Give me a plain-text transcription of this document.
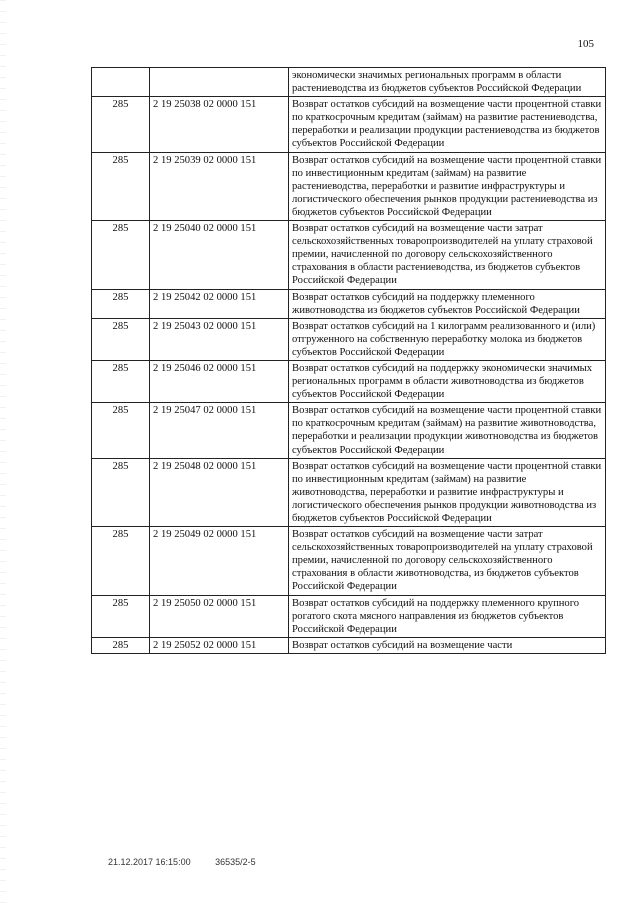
105
		экономически значимых региональных программ в области растениеводства из бюджетов субъектов Российской Федерации
285	2 19 25038 02 0000 151	Возврат остатков субсидий на возмещение части процентной ставки по краткосрочным кредитам (займам) на развитие растениеводства, переработки и реализации продукции растениеводства из бюджетов субъектов Российской Федерации
285	2 19 25039 02 0000 151	Возврат остатков субсидий на возмещение части процентной ставки по инвестиционным кредитам (займам) на развитие растениеводства, переработки и развитие инфраструктуры и логистического обеспечения рынков продукции растениеводства из бюджетов субъектов Российской Федерации
285	2 19 25040 02 0000 151	Возврат остатков субсидий на возмещение части затрат сельскохозяйственных товаропроизводителей на уплату страховой премии, начисленной по договору сельскохозяйственного страхования в области растениеводства, из бюджетов субъектов Российской Федерации
285	2 19 25042 02 0000 151	Возврат остатков субсидий на поддержку племенного животноводства из бюджетов субъектов Российской Федерации
285	2 19 25043 02 0000 151	Возврат остатков субсидий на 1 килограмм реализованного и (или) отгруженного на собственную переработку молока из бюджетов субъектов Российской Федерации
285	2 19 25046 02 0000 151	Возврат остатков субсидий на поддержку экономически значимых региональных программ в области животноводства из бюджетов субъектов Российской Федерации
285	2 19 25047 02 0000 151	Возврат остатков субсидий на возмещение части процентной ставки по краткосрочным кредитам (займам) на развитие животноводства, переработки и реализации продукции животноводства из бюджетов субъектов Российской Федерации
285	2 19 25048 02 0000 151	Возврат остатков субсидий на возмещение части процентной ставки по инвестиционным кредитам (займам) на развитие животноводства, переработки и развитие инфраструктуры и логистического обеспечения рынков продукции животноводства из бюджетов субъектов Российской Федерации
285	2 19 25049 02 0000 151	Возврат остатков субсидий на возмещение части затрат сельскохозяйственных товаропроизводителей на уплату страховой премии, начисленной по договору сельскохозяйственного страхования в области животноводства, из бюджетов субъектов Российской Федерации
285	2 19 25050 02 0000 151	Возврат остатков субсидий на поддержку племенного крупного рогатого скота мясного направления из бюджетов субъектов Российской Федерации
285	2 19 25052 02 0000 151	Возврат остатков субсидий на возмещение части
21.12.2017 16:15:00	36535/2-5
